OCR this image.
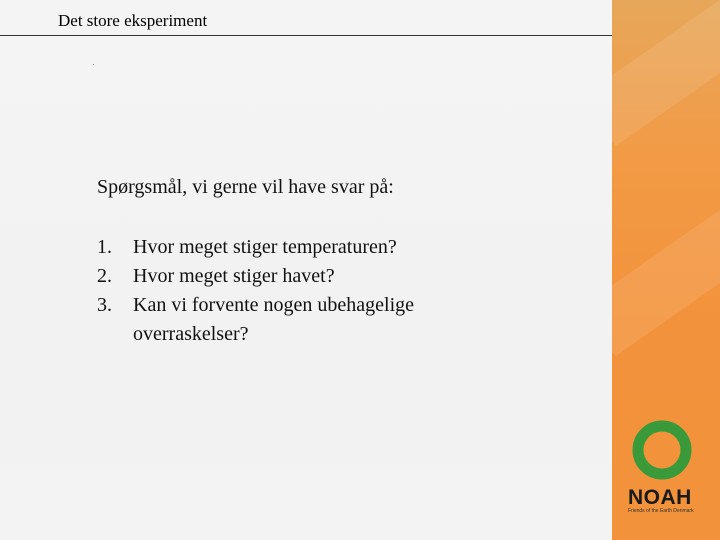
Det store eksperiment
Spørgsmål, vi gerne vil have svar på:
1.	Hvor meget stiger temperaturen?
2.	Hvor meget stiger havet?
3.	Kan vi forvente nogen ubehagelige overraskelser?
NOAH
Friends of the Earth Denmark
